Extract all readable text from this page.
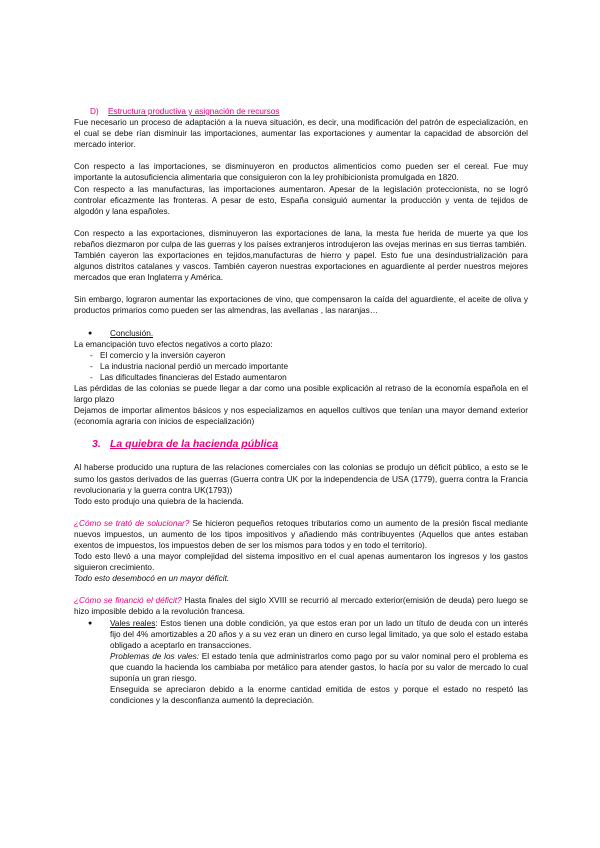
D) Estructura productiva y asignación de recursos

Fue necesario un proceso de adaptación a la nueva situación, es decir, una modificación del patrón de especialización, en el cual se debe rían disminuir las importaciones, aumentar las exportaciones y aumentar la capacidad de absorción del mercado interior.

Con respecto a las importaciones, se disminuyeron en productos alimenticios como pueden ser el cereal. Fue muy importante la autosuficiencia alimentaria que consiguieron con la ley prohibicionista promulgada en 1820.

Con respecto a las manufacturas, las importaciones aumentaron. Apesar de la legislación proteccionista, no se logró controlar eficazmente las fronteras. A pesar de esto, España consiguió aumentar la producción y venta de tejidos de algodón y lana españoles.

Con respecto a las exportaciones, disminuyeron las exportaciones de lana, la mesta fue herida de muerte ya que los rebaños diezmaron por culpa de las guerras y los países extranjeros introdujeron las ovejas merinas en sus tierras también.

También cayeron las exportaciones en tejidos,manufacturas de hierro y papel. Esto fue una desindustrialización para algunos distritos catalanes y vascos. También cayeron nuestras exportaciones en aguardiente al perder nuestros mejores mercados que eran Inglaterra y América.

Sin embargo, lograron aumentar las exportaciones de vino, que compensaron la caída del aguardiente, el aceite de oliva y productos primarios como pueden ser las almendras, las avellanas , las naranjas…

● Conclusión.

La emancipación tuvo efectos negativos a corto plazo:

- El comercio y la inversión cayeron
- La industria nacional perdió un mercado importante
- Las dificultades financieras del Estado aumentaron

Las pérdidas de las colonias se puede llegar a dar como una posible explicación al retraso de la economía española en el largo plazo

Dejamos de importar alimentos básicos y nos especializamos en aquellos cultivos que tenían una mayor demand exterior (economía agraria con inicios de especialización)

3. La quiebra de la hacienda pública

Al haberse producido una ruptura de las relaciones comerciales con las colonias se produjo un déficit público, a esto se le sumo los gastos derivados de las guerras (Guerra contra UK por la independencia de USA (1779), guerra contra la Francia revolucionaria y la guerra contra UK(1793))

Todo esto produjo una quiebra de la hacienda.

¿Cómo se trató de solucionar? Se hicieron pequeños retoques tributarios como un aumento de la presión fiscal mediante nuevos impuestos, un aumento de los tipos impositivos y añadiendo más contribuyentes (Aquellos que antes estaban exentos de impuestos, los impuestos deben de ser los mismos para todos y en todo el territorio).

Todo esto llevó a una mayor complejidad del sistema impositivo en el cual apenas aumentaron los ingresos y los gastos siguieron crecimiento.

Todo esto desembocó en un mayor déficit.

¿Cómo se financió el déficit? Hasta finales del siglo XVIII se recurrió al mercado exterior(emisión de deuda) pero luego se hizo imposible debido a la revolución francesa.

● Vales reales: Estos tienen una doble condición, ya que estos eran por un lado un título de deuda con un interés fijo del 4% amortizables a 20 años y a su vez eran un dinero en curso legal limitado, ya que solo el estado estaba obligado a aceptarlo en transacciones.

Problemas de los vales: El estado tenía que administrarlos como pago por su valor nominal pero el problema es que cuando la hacienda los cambiaba por metálico para atender gastos, lo hacía por su valor de mercado lo cual suponía un gran riesgo.

Enseguida se apreciaron debido a la enorme cantidad emitida de estos y porque el estado no respetó las condiciones y la desconfianza aumentó la depreciación.
